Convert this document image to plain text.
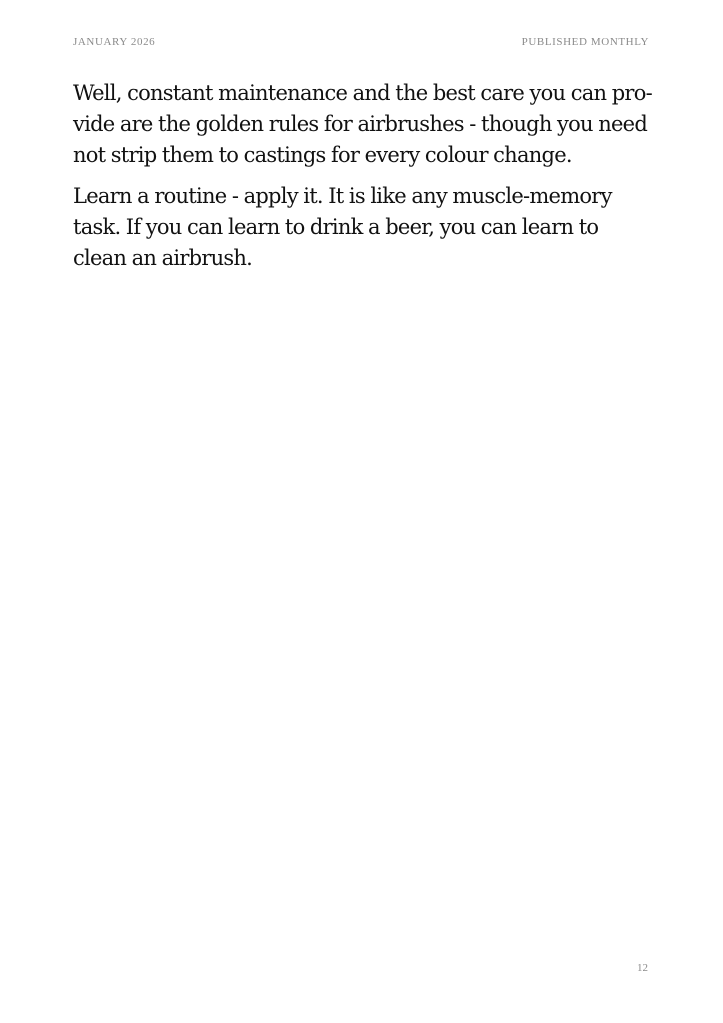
JANUARY 2026	PUBLISHED MONTHLY

Well, constant maintenance and the best care you can pro-vide are the golden rules for airbrushes - though you need not strip them to castings for every colour change.

Learn a routine - apply it. It is like any muscle-memory task. If you can learn to drink a beer, you can learn to clean an airbrush.

12
